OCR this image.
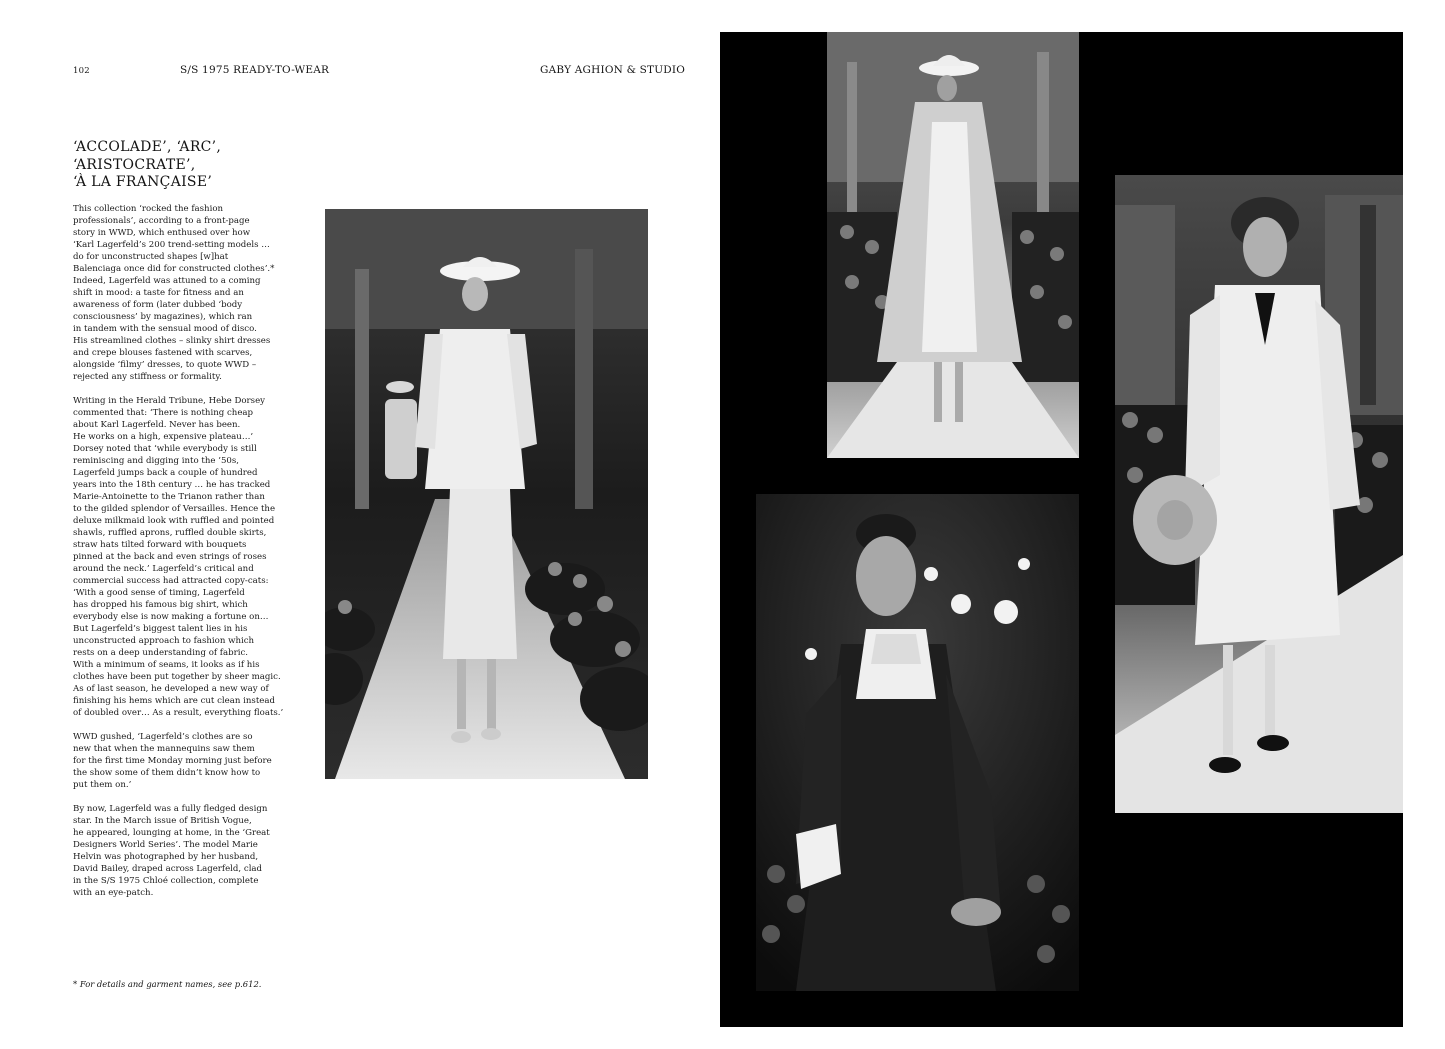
102	S/S 1975 READY-TO-WEAR	GABY AGHION & STUDIO
‘ACCOLADE’, ‘ARC’,
‘ARISTOCRATE’,
‘À LA FRANÇAISE’

This collection ‘rocked the fashion
professionals’, according to a front-page
story in WWD, which enthused over how
‘Karl Lagerfeld’s 200 trend-setting models …
do for unconstructed shapes [w]hat
Balenciaga once did for constructed clothes’.*
Indeed, Lagerfeld was attuned to a coming
shift in mood: a taste for fitness and an
awareness of form (later dubbed ‘body
consciousness’ by magazines), which ran
in tandem with the sensual mood of disco.
His streamlined clothes – slinky shirt dresses
and crepe blouses fastened with scarves,
alongside ‘filmy’ dresses, to quote WWD –
rejected any stiffness or formality.

Writing in the Herald Tribune, Hebe Dorsey
commented that: ‘There is nothing cheap
about Karl Lagerfeld. Never has been.
He works on a high, expensive plateau…’
Dorsey noted that ‘while everybody is still
reminiscing and digging into the ’50s,
Lagerfeld jumps back a couple of hundred
years into the 18th century … he has tracked
Marie-Antoinette to the Trianon rather than
to the gilded splendor of Versailles. Hence the
deluxe milkmaid look with ruffled and pointed
shawls, ruffled aprons, ruffled double skirts,
straw hats tilted forward with bouquets
pinned at the back and even strings of roses
around the neck.’ Lagerfeld’s critical and
commercial success had attracted copy-cats:
‘With a good sense of timing, Lagerfeld
has dropped his famous big shirt, which
everybody else is now making a fortune on…
But Lagerfeld’s biggest talent lies in his
unconstructed approach to fashion which
rests on a deep understanding of fabric.
With a minimum of seams, it looks as if his
clothes have been put together by sheer magic.
As of last season, he developed a new way of
finishing his hems which are cut clean instead
of doubled over… As a result, everything floats.’

WWD gushed, ‘Lagerfeld’s clothes are so
new that when the mannequins saw them
for the first time Monday morning just before
the show some of them didn’t know how to
put them on.’

By now, Lagerfeld was a fully fledged design
star. In the March issue of British Vogue,
he appeared, lounging at home, in the ‘Great
Designers World Series’. The model Marie
Helvin was photographed by her husband,
David Bailey, draped across Lagerfeld, clad
in the S/S 1975 Chloé collection, complete
with an eye-patch.

* For details and garment names, see p.612.
